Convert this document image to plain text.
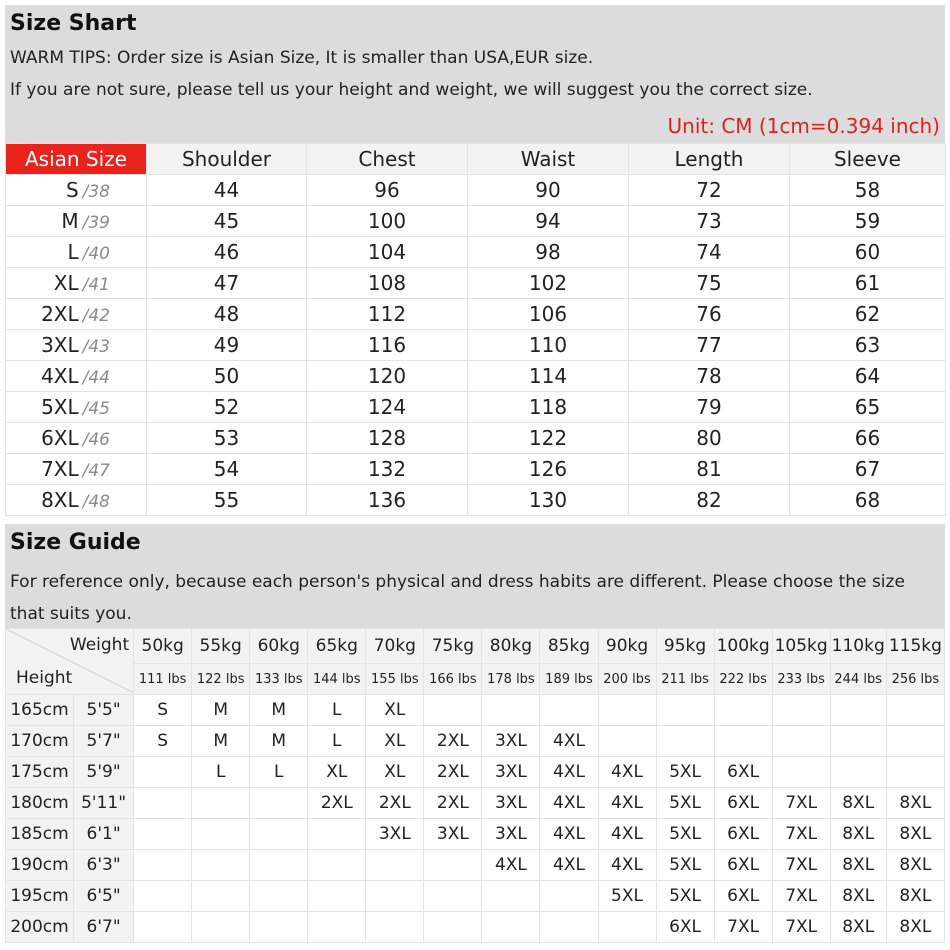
Size Shart
WARM TIPS: Order size is Asian Size, It is smaller than USA,EUR size.
If you are not sure, please tell us your height and weight, we will suggest you the correct size.
Unit: CM (1cm=0.394 inch)
Asian Size	Shoulder	Chest	Waist	Length	Sleeve
S /38	44	96	90	72	58
M /39	45	100	94	73	59
L /40	46	104	98	74	60
XL /41	47	108	102	75	61
2XL /42	48	112	106	76	62
3XL /43	49	116	110	77	63
4XL /44	50	120	114	78	64
5XL /45	52	124	118	79	65
6XL /46	53	128	122	80	66
7XL /47	54	132	126	81	67
8XL /48	55	136	130	82	68
Size Guide
For reference only, because each person's physical and dress habits are different. Please choose the size that suits you.
Weight
Height		50kg	55kg	60kg	65kg	70kg	75kg	80kg	85kg	90kg	95kg	100kg	105kg	110kg	115kg
		111 lbs	122 lbs	133 lbs	144 lbs	155 lbs	166 lbs	178 lbs	189 lbs	200 lbs	211 lbs	222 lbs	233 lbs	244 lbs	256 lbs
165cm	5'5"	S	M	M	L	XL									
170cm	5'7"	S	M	M	L	XL	2XL	3XL	4XL						
175cm	5'9"		L	L	XL	XL	2XL	3XL	4XL	4XL	5XL	6XL			
180cm	5'11"				2XL	2XL	2XL	3XL	4XL	4XL	5XL	6XL	7XL	8XL	8XL
185cm	6'1"					3XL	3XL	3XL	4XL	4XL	5XL	6XL	7XL	8XL	8XL
190cm	6'3"							4XL	4XL	4XL	5XL	6XL	7XL	8XL	8XL
195cm	6'5"									5XL	5XL	6XL	7XL	8XL	8XL
200cm	6'7"										6XL	7XL	7XL	8XL	8XL
